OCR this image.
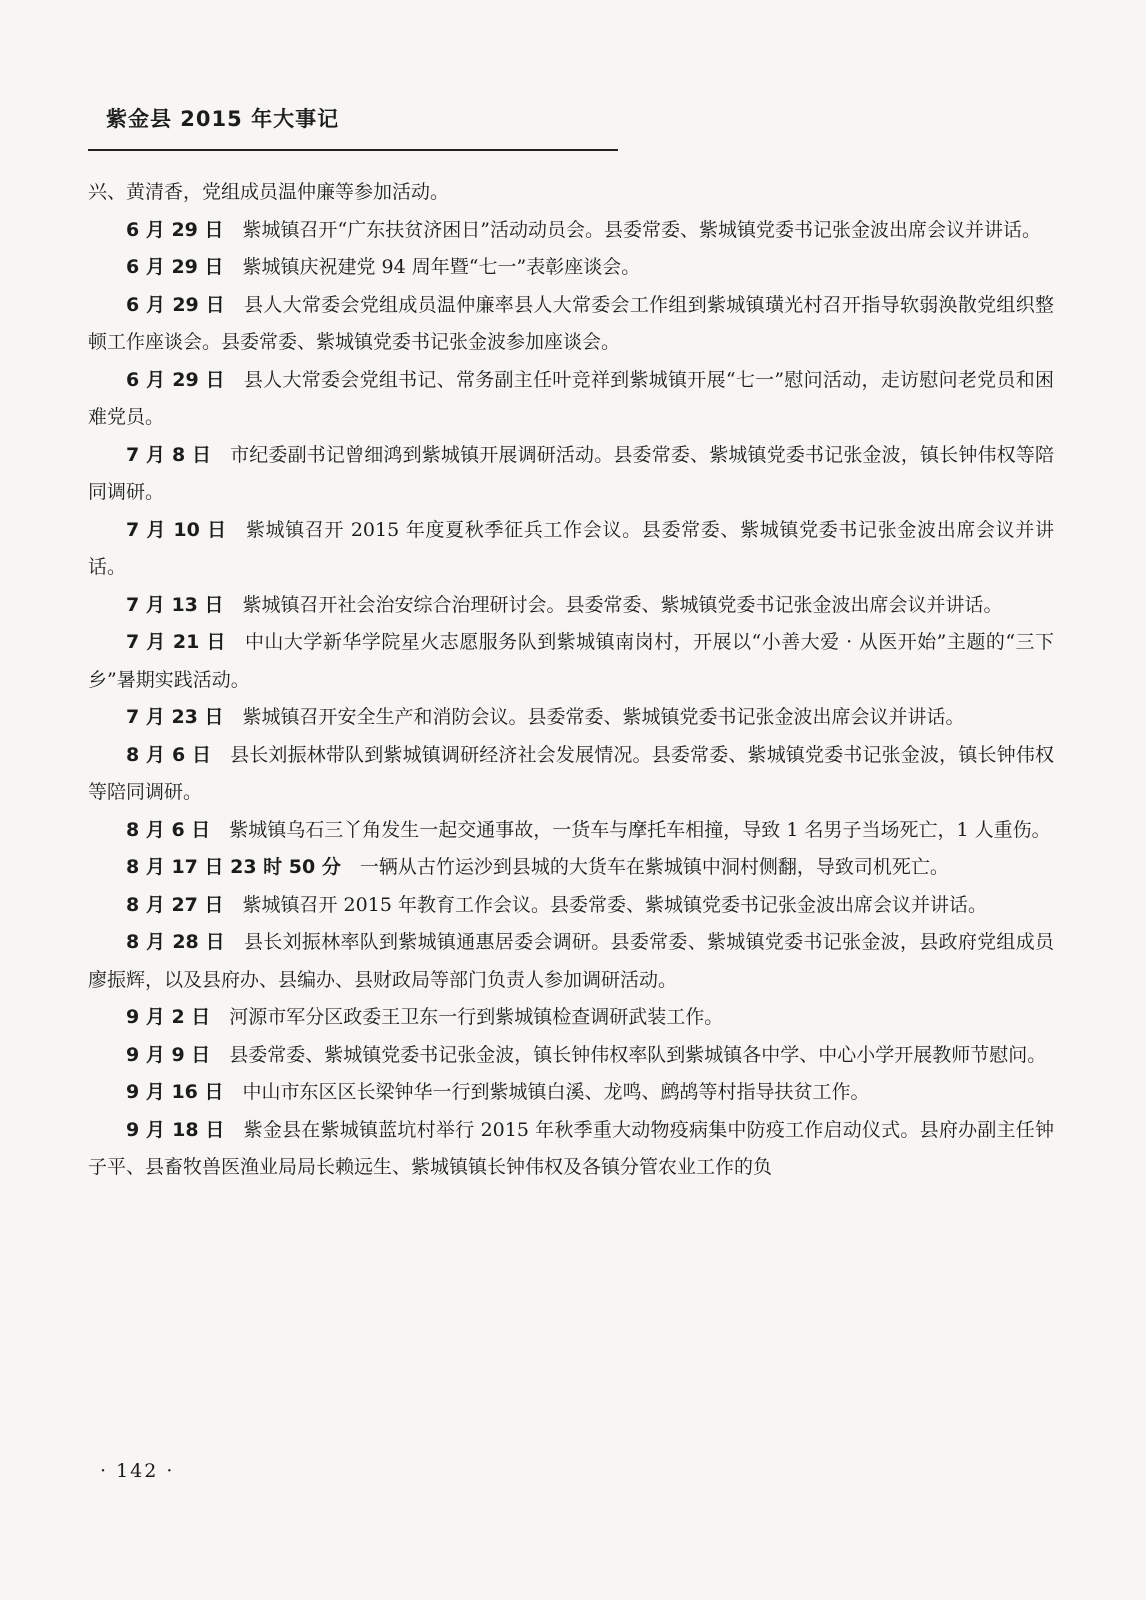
紫金县 2015 年大事记

兴、黄清香，党组成员温仲廉等参加活动。

6 月 29 日 紫城镇召开“广东扶贫济困日”活动动员会。县委常委、紫城镇党委书记张金波出席会议并讲话。

6 月 29 日 紫城镇庆祝建党 94 周年暨“七一”表彰座谈会。

6 月 29 日 县人大常委会党组成员温仲廉率县人大常委会工作组到紫城镇璜光村召开指导软弱涣散党组织整顿工作座谈会。县委常委、紫城镇党委书记张金波参加座谈会。

6 月 29 日 县人大常委会党组书记、常务副主任叶竞祥到紫城镇开展“七一”慰问活动，走访慰问老党员和困难党员。

7 月 8 日 市纪委副书记曾细鸿到紫城镇开展调研活动。县委常委、紫城镇党委书记张金波，镇长钟伟权等陪同调研。

7 月 10 日 紫城镇召开 2015 年度夏秋季征兵工作会议。县委常委、紫城镇党委书记张金波出席会议并讲话。

7 月 13 日 紫城镇召开社会治安综合治理研讨会。县委常委、紫城镇党委书记张金波出席会议并讲话。

7 月 21 日 中山大学新华学院星火志愿服务队到紫城镇南岗村，开展以“小善大爱 · 从医开始”主题的“三下乡”暑期实践活动。

7 月 23 日 紫城镇召开安全生产和消防会议。县委常委、紫城镇党委书记张金波出席会议并讲话。

8 月 6 日 县长刘振林带队到紫城镇调研经济社会发展情况。县委常委、紫城镇党委书记张金波，镇长钟伟权等陪同调研。

8 月 6 日 紫城镇乌石三丫角发生一起交通事故，一货车与摩托车相撞，导致 1 名男子当场死亡，1 人重伤。

8 月 17 日 23 时 50 分 一辆从古竹运沙到县城的大货车在紫城镇中洞村侧翻，导致司机死亡。

8 月 27 日 紫城镇召开 2015 年教育工作会议。县委常委、紫城镇党委书记张金波出席会议并讲话。

8 月 28 日 县长刘振林率队到紫城镇通惠居委会调研。县委常委、紫城镇党委书记张金波，县政府党组成员廖振辉，以及县府办、县编办、县财政局等部门负责人参加调研活动。

9 月 2 日 河源市军分区政委王卫东一行到紫城镇检查调研武装工作。

9 月 9 日 县委常委、紫城镇党委书记张金波，镇长钟伟权率队到紫城镇各中学、中心小学开展教师节慰问。

9 月 16 日 中山市东区区长梁钟华一行到紫城镇白溪、龙鸣、鹧鸪等村指导扶贫工作。

9 月 18 日 紫金县在紫城镇蓝坑村举行 2015 年秋季重大动物疫病集中防疫工作启动仪式。县府办副主任钟子平、县畜牧兽医渔业局局长赖远生、紫城镇镇长钟伟权及各镇分管农业工作的负

· 142 ·
